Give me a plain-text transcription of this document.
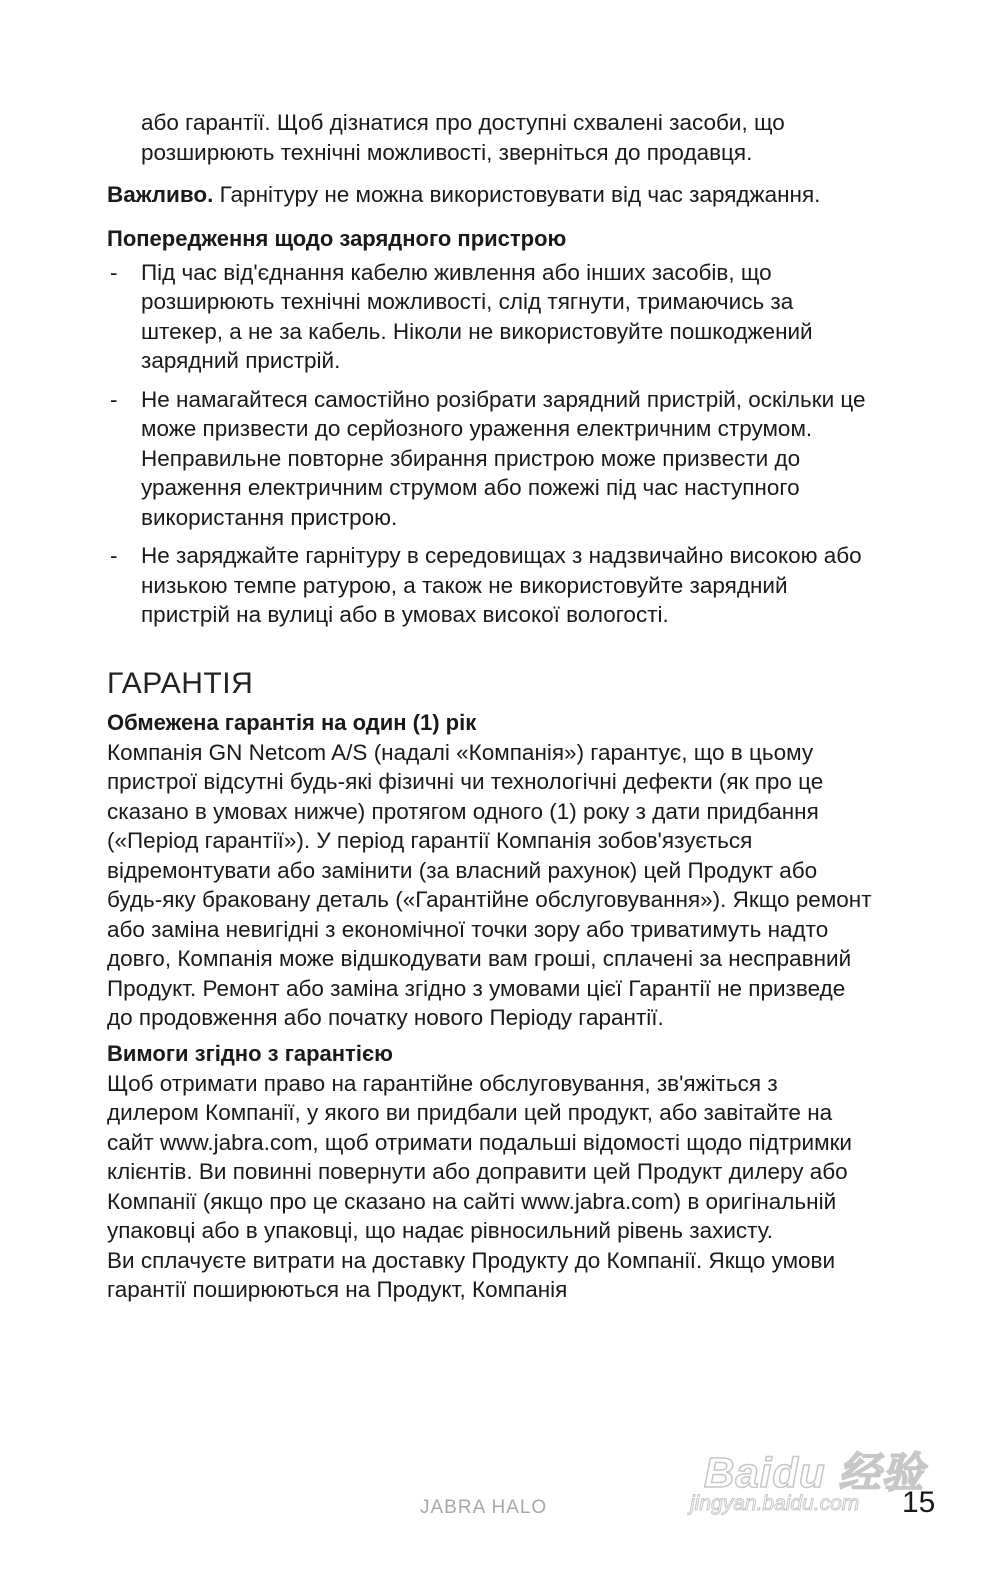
або гарантії. Щоб дізнатися про доступні схвалені засоби, що розширюють технічні можливості, зверніться до продавця.

Важливо. Гарнітуру не можна використовувати від час заряджання.

Попередження щодо зарядного пристрою

- Під час від'єднання кабелю живлення або інших засобів, що розширюють технічні можливості, слід тягнути, тримаючись за штекер, а не за кабель. Ніколи не використовуйте пошкоджений зарядний пристрій.
- Не намагайтеся самостійно розібрати зарядний пристрій, оскільки це може призвести до серйозного ураження електричним струмом. Неправильне повторне збирання пристрою може призвести до ураження електричним струмом або пожежі під час наступного використання пристрою.
- Не заряджайте гарнітуру в середовищах з надзвичайно високою або низькою темпе ратурою, а також не використовуйте зарядний пристрій на вулиці або в умовах високої вологості.
ГАРАНТІЯ

Обмежена гарантія на один (1) рік

Компанія GN Netcom A/S (надалі «Компанія») гарантує, що в цьому пристрої відсутні будь-які фізичні чи технологічні дефекти (як про це сказано в умовах нижче) протягом одного (1) року з дати придбання («Період гарантії»). У період гарантії Компанія зобов'язується відремонтувати або замінити (за власний рахунок) цей Продукт або будь-яку браковану деталь («Гарантійне обслуговування»). Якщо ремонт або заміна невигідні з економічної точки зору або триватимуть надто довго, Компанія може відшкодувати вам гроші, сплачені за несправний Продукт. Ремонт або заміна згідно з умовами цієї Гарантії не призведе до продовження або початку нового Періоду гарантії.

Вимоги згідно з гарантією

Щоб отримати право на гарантійне обслуговування, зв'яжіться з дилером Компанії, у якого ви придбали цей продукт, або завітайте на сайт www.jabra.com, щоб отримати подальші відомості щодо підтримки клієнтів. Ви повинні повернути або доправити цей Продукт дилеру або Компанії (якщо про це сказано на сайті www.jabra.com) в оригінальній упаковці або в упаковці, що надає рівносильний рівень захисту.

Ви сплачуєте витрати на доставку Продукту до Компанії. Якщо умови гарантії поширюються на Продукт, Компанія

Baidu 经验
jingyan.baidu.com
JABRA HALO	15
